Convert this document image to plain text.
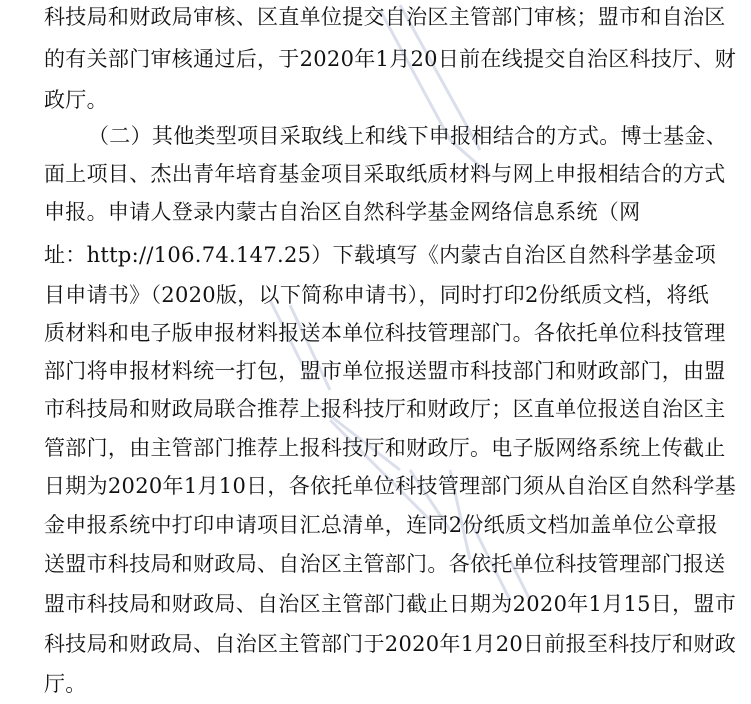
科技局和财政局审核、区直单位提交自治区主管部门审核；盟市和自治区
的有关部门审核通过后，于2020年1月20日前在线提交自治区科技厅、财
政厅。
（二）其他类型项目采取线上和线下申报相结合的方式。博士基金、
面上项目、杰出青年培育基金项目采取纸质材料与网上申报相结合的方式
申报。申请人登录内蒙古自治区自然科学基金网络信息系统（网
址：http://106.74.147.25）下载填写《内蒙古自治区自然科学基金项
目申请书》（2020版，以下简称申请书），同时打印2份纸质文档，将纸
质材料和电子版申报材料报送本单位科技管理部门。各依托单位科技管理
部门将申报材料统一打包，盟市单位报送盟市科技部门和财政部门，由盟
市科技局和财政局联合推荐上报科技厅和财政厅；区直单位报送自治区主
管部门，由主管部门推荐上报科技厅和财政厅。电子版网络系统上传截止
日期为2020年1月10日，各依托单位科技管理部门须从自治区自然科学基
金申报系统中打印申请项目汇总清单，连同2份纸质文档加盖单位公章报
送盟市科技局和财政局、自治区主管部门。各依托单位科技管理部门报送
盟市科技局和财政局、自治区主管部门截止日期为2020年1月15日，盟市
科技局和财政局、自治区主管部门于2020年1月20日前报至科技厅和财政
厅。
